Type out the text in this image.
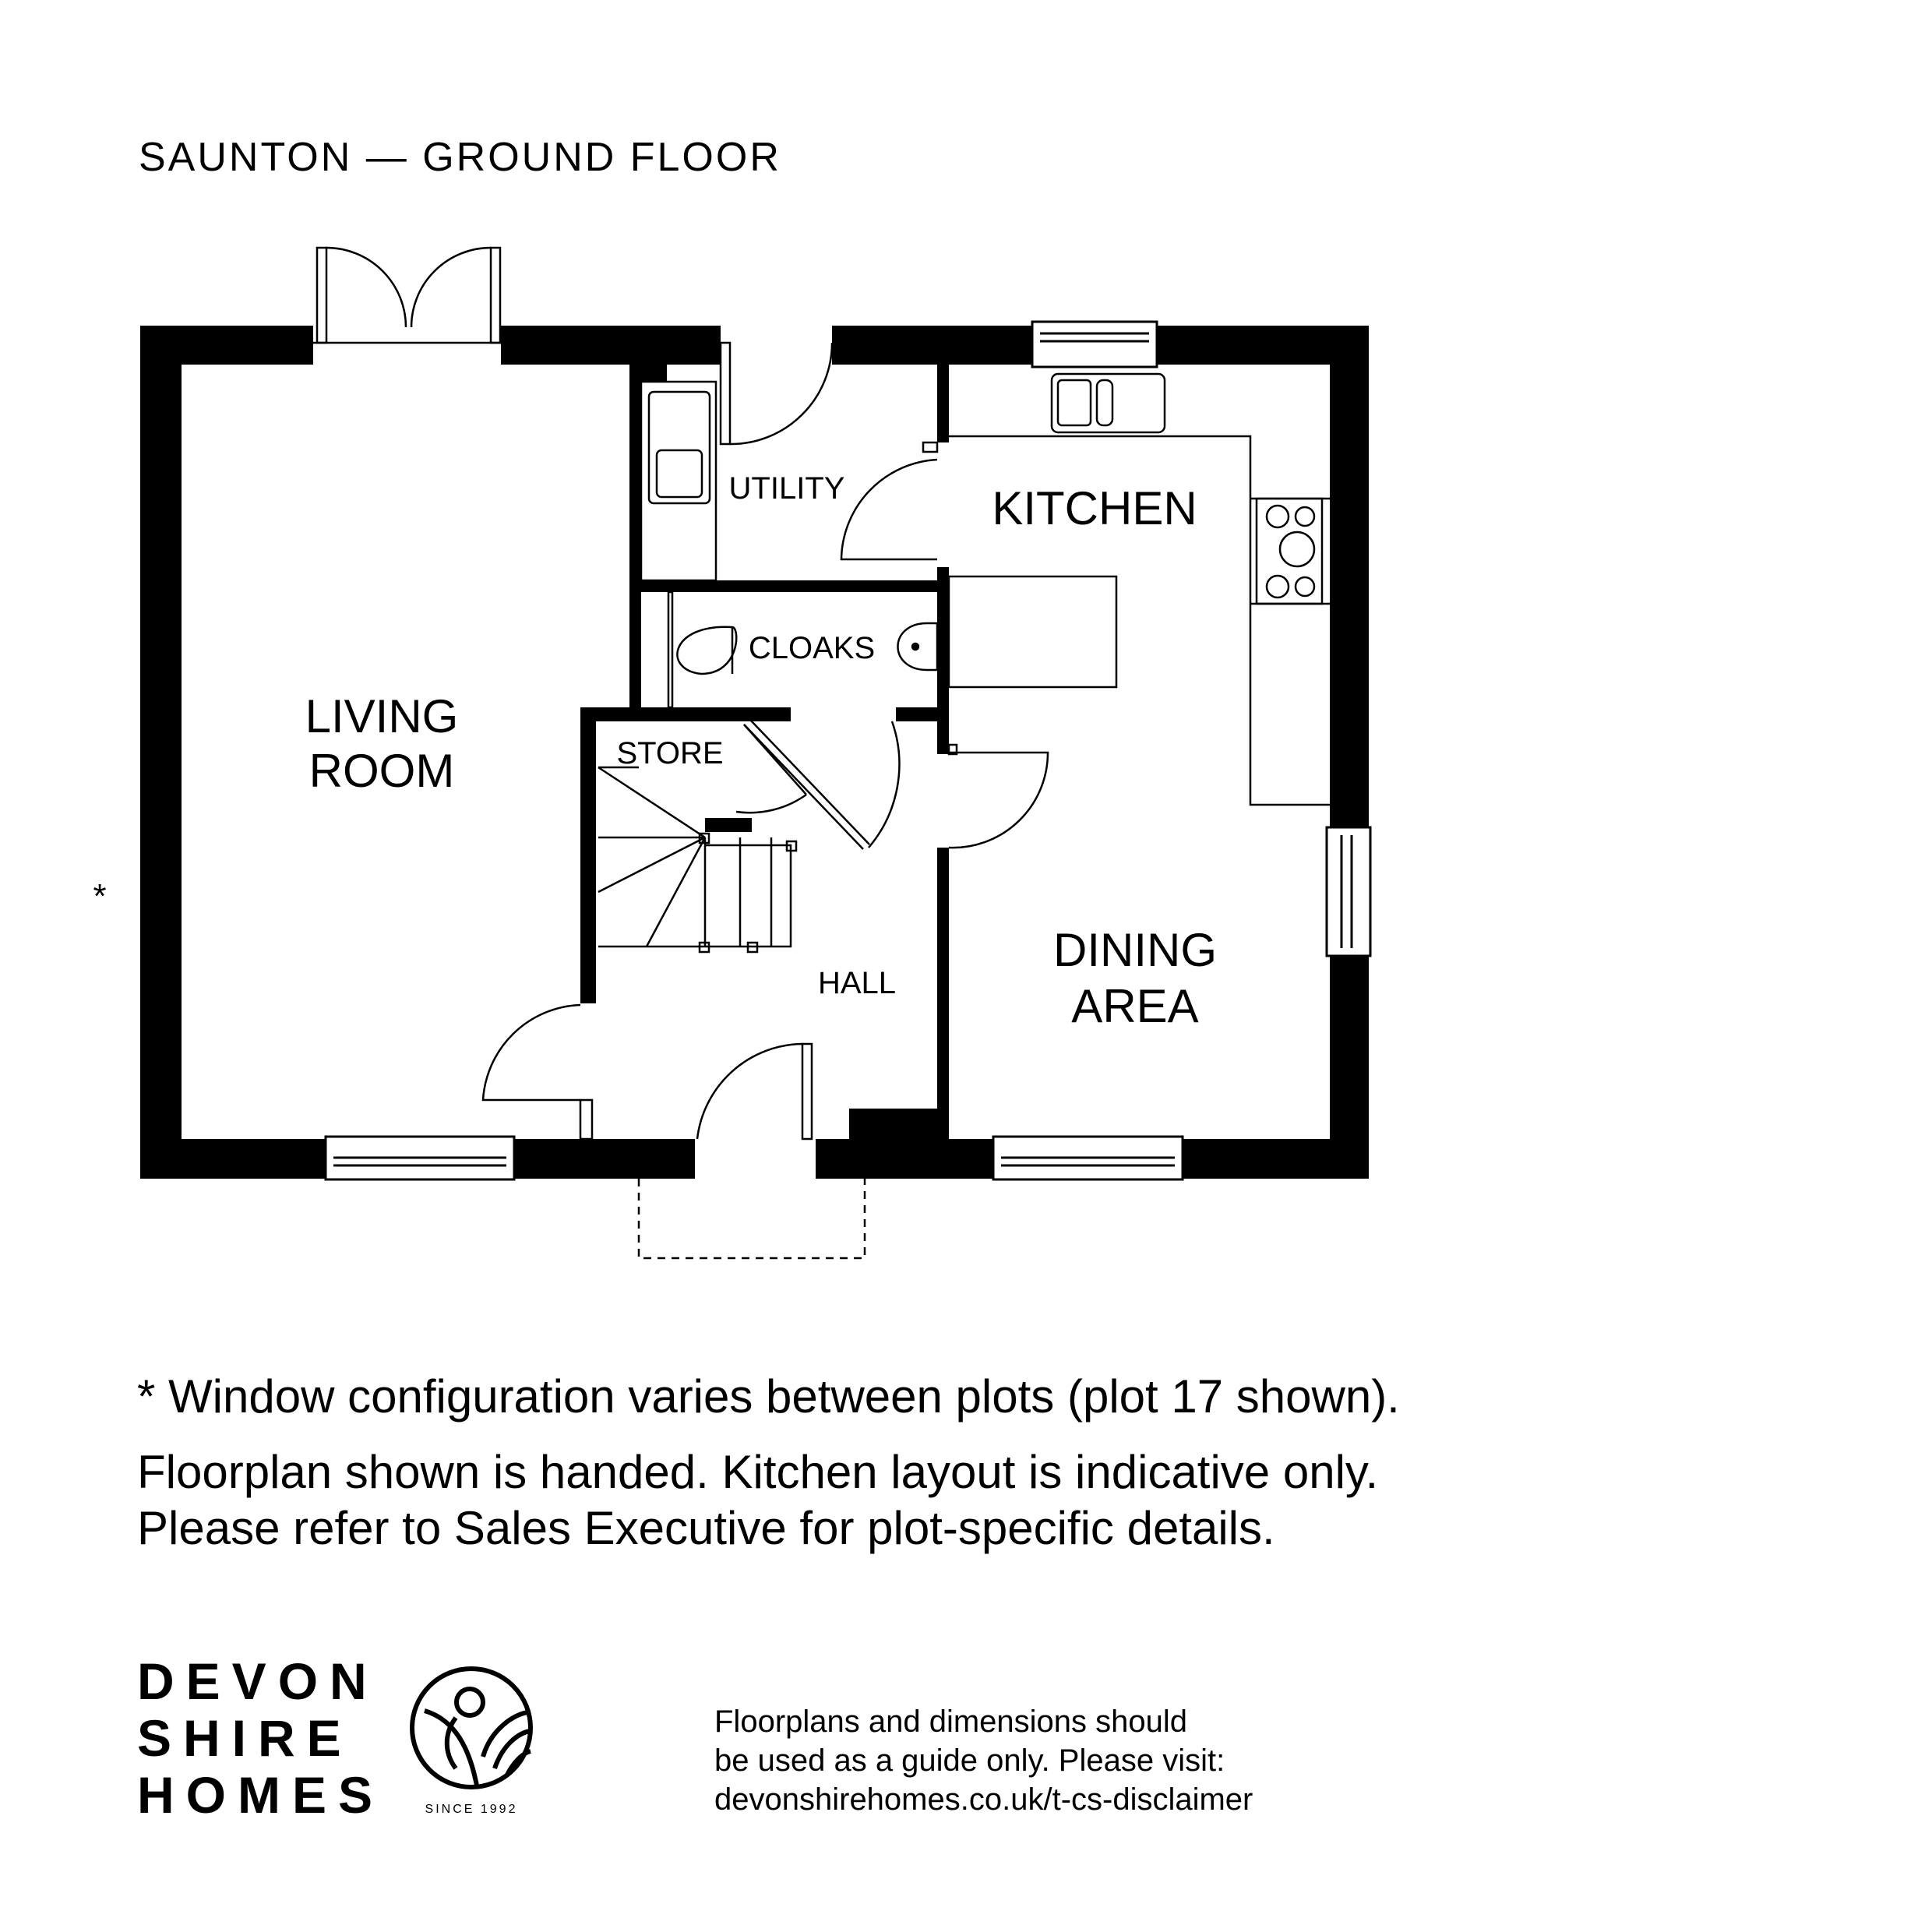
SAUNTON — GROUND FLOOR
LIVING
ROOM
UTILITY	KITCHEN
CLOAKS
STORE
HALL
DINING
AREA
*
SINCE 1992
* Window configuration varies between plots (plot 17 shown).
Floorplan shown is handed. Kitchen layout is indicative only.
Please refer to Sales Executive for plot-specific details.
DEVON
SHIRE
HOMES
Floorplans and dimensions should
be used as a guide only. Please visit:
devonshirehomes.co.uk/t-cs-disclaimer
